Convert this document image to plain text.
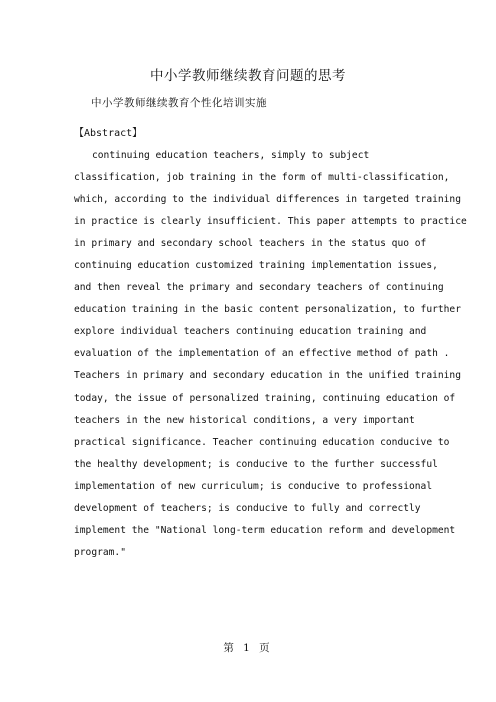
中小学教师继续教育问题的思考
中小学教师继续教育个性化培训实施
【Abstract】
continuing education teachers, simply to subject
classification, job training in the form of multi-classification,
which, according to the individual differences in targeted training
in practice is clearly insufficient. This paper attempts to practice
in primary and secondary school teachers in the status quo of
continuing education customized training implementation issues,
and then reveal the primary and secondary teachers of continuing
education training in the basic content personalization, to further
explore individual teachers continuing education training and
evaluation of the implementation of an effective method of path .
Teachers in primary and secondary education in the unified training
today, the issue of personalized training, continuing education of
teachers in the new historical conditions, a very important
practical significance. Teacher continuing education conducive to
the healthy development; is conducive to the further successful
implementation of new curriculum; is conducive to professional
development of teachers; is conducive to fully and correctly
implement the "National long-term education reform and development
program."
第 1 页
